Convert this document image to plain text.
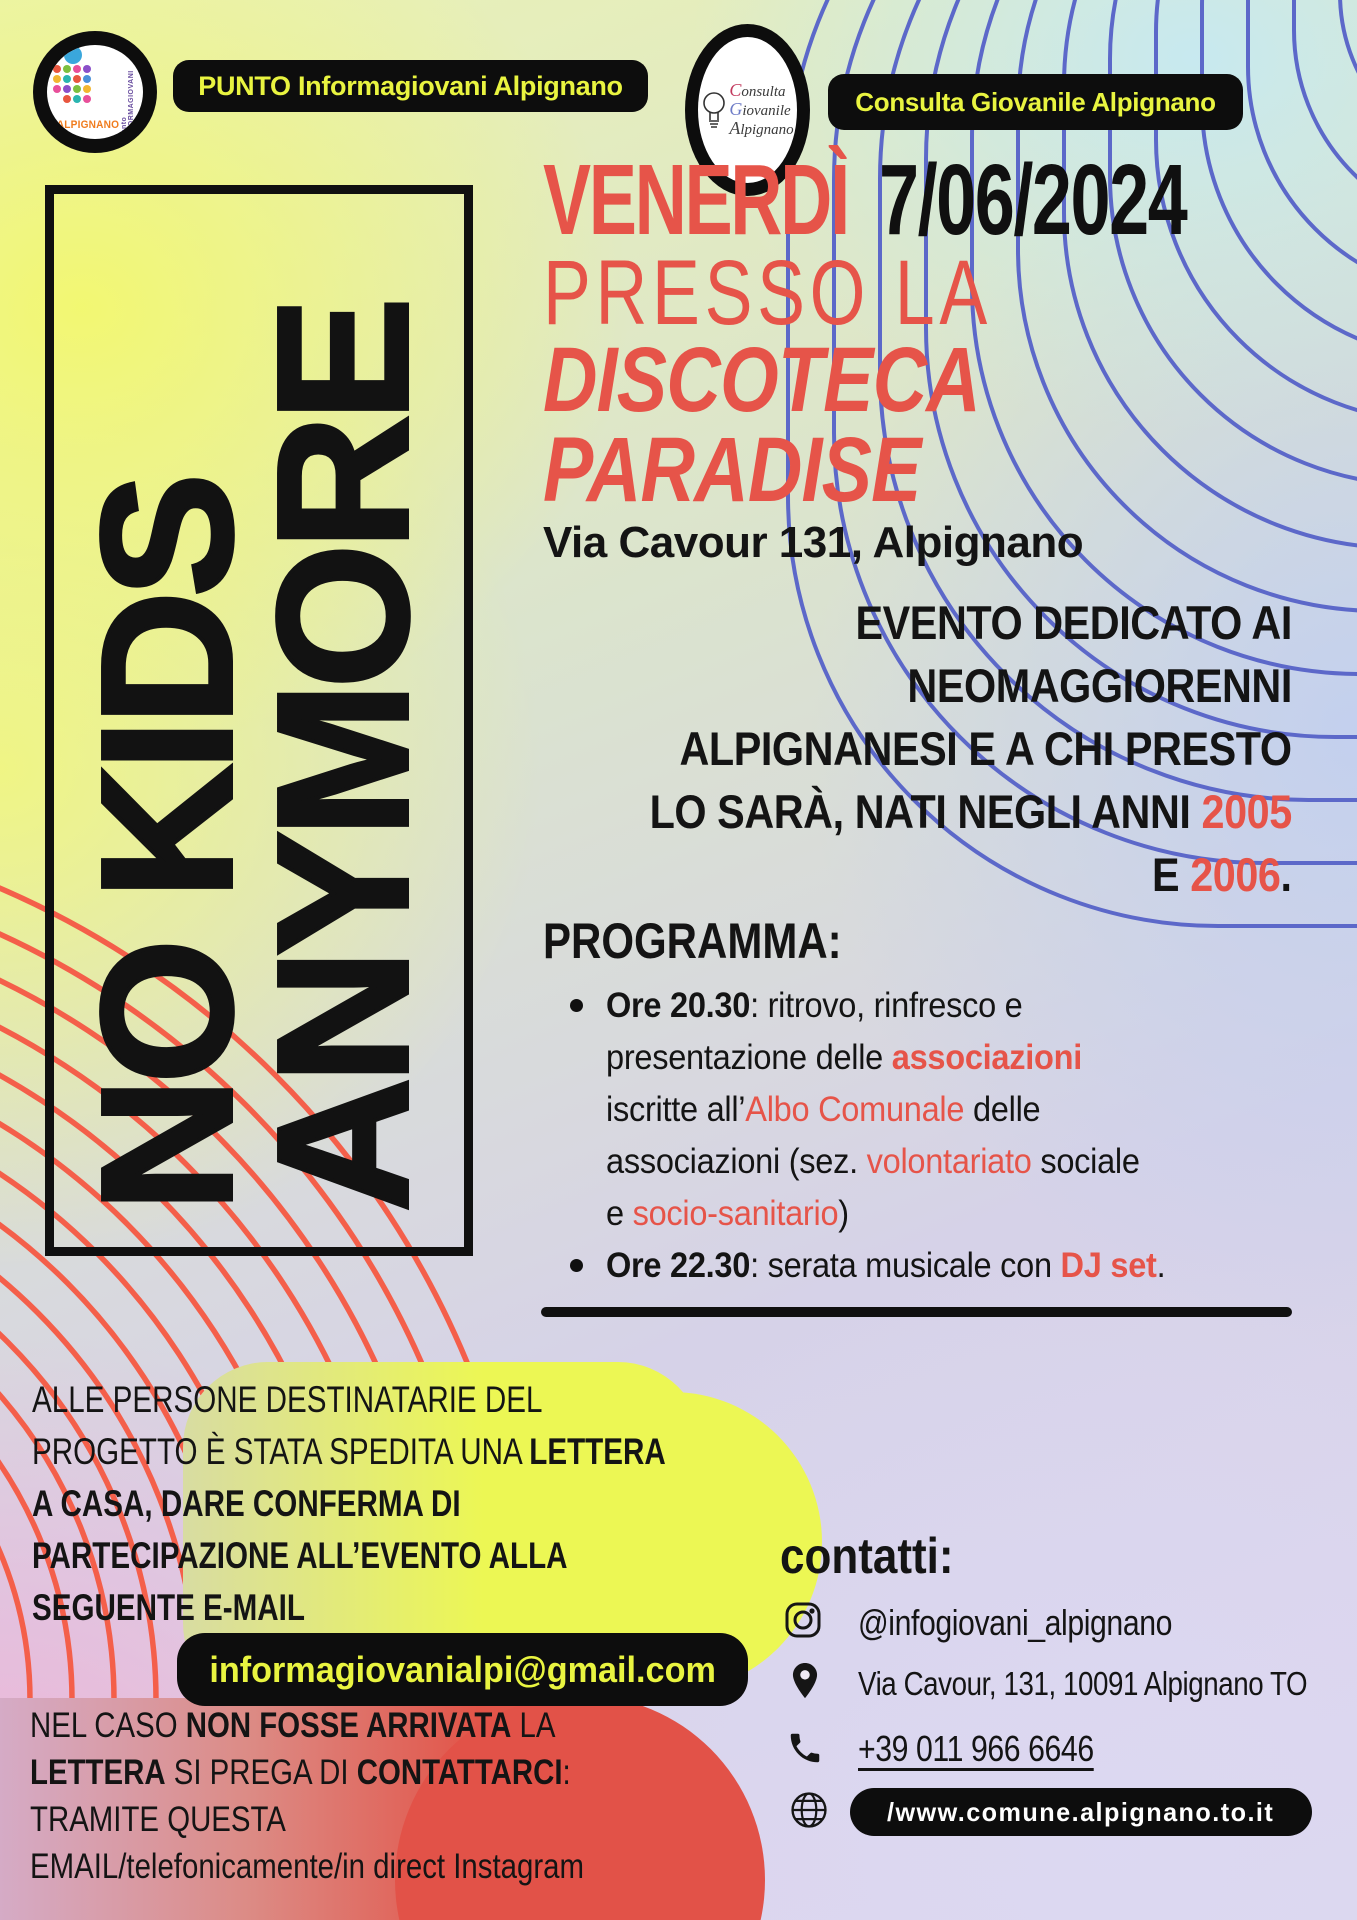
Punto INFORMAGIOVANI
ALPIGNANO
PUNTO Informagiovani Alpignano	Consulta
Giovanile
Alpignano
Consulta Giovanile Alpignano
NO KIDS
ANYMORE
VENERDÌ 7/06/2024
PRESSO LA
DISCOTECA
PARADISE
Via Cavour 131, Alpignano
EVENTO DEDICATO AI
NEOMAGGIORENNI
ALPIGNANESI E A CHI PRESTO
LO SARÀ, NATI NEGLI ANNI 2005
E 2006.
PROGRAMMA:
Ore 20.30: ritrovo, rinfresco e
presentazione delle associazioni
iscritte all’Albo Comunale delle
associazioni (sez. volontariato sociale
e socio-sanitario)
Ore 22.30: serata musicale con DJ set.
ALLE PERSONE DESTINATARIE DEL
PROGETTO È STATA SPEDITA UNA LETTERA
A CASA, DARE CONFERMA DI
PARTECIPAZIONE ALL’EVENTO ALLA
SEGUENTE E-MAIL
informagiovanialpi@gmail.com
NEL CASO NON FOSSE ARRIVATA LA
LETTERA SI PREGA DI CONTATTARCI:
TRAMITE QUESTA
EMAIL/telefonicamente/in direct Instagram
contatti:
@infogiovani_alpignano
Via Cavour, 131, 10091 Alpignano TO
+39 011 966 6646
/www.comune.alpignano.to.it
